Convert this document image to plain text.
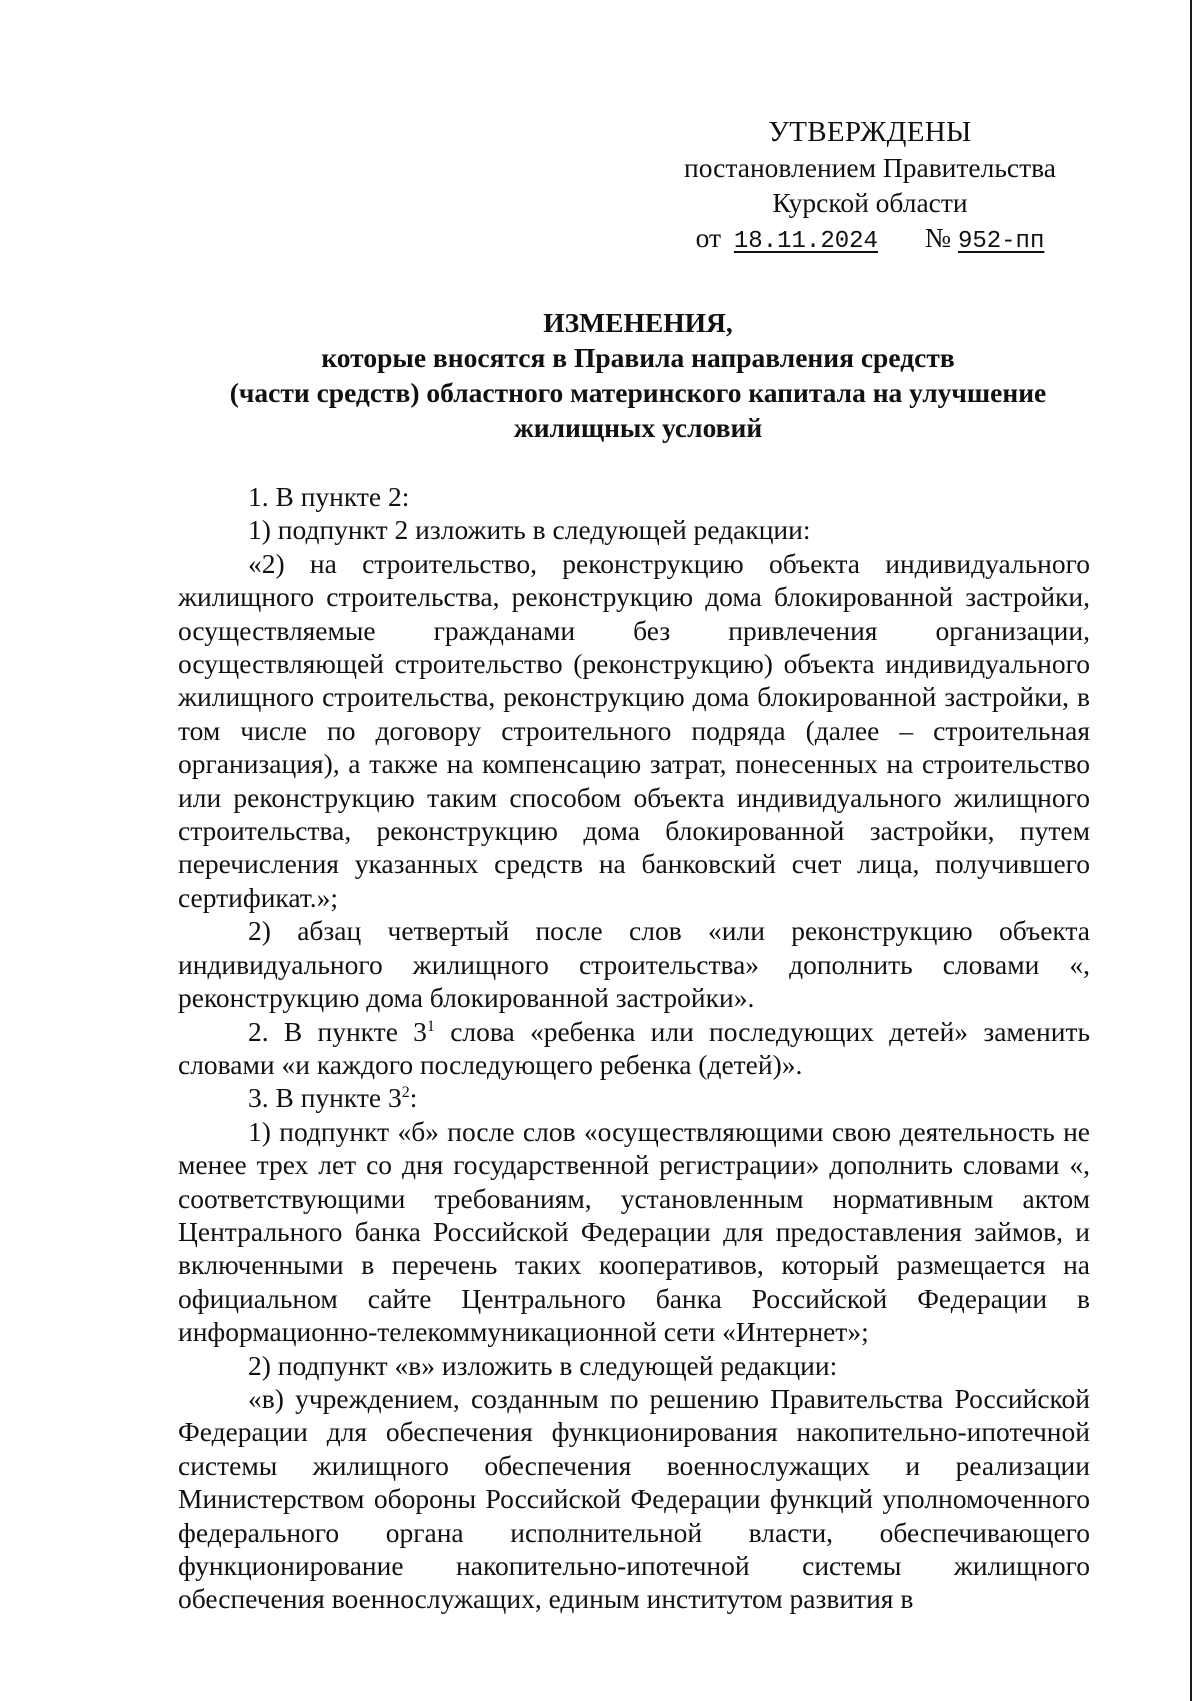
УТВЕРЖДЕНЫ
постановлением Правительства
Курской области
от 18.11.2024 № 952-пп
ИЗМЕНЕНИЯ,
которые вносятся в Правила направления средств
(части средств) областного материнского капитала на улучшение
жилищных условий

1. В пункте 2:

1) подпункт 2 изложить в следующей редакции:

«2) на строительство, реконструкцию объекта индивидуального жилищного строительства, реконструкцию дома блокированной застройки, осуществляемые гражданами без привлечения организации, осуществляющей строительство (реконструкцию) объекта индивидуального жилищного строительства, реконструкцию дома блокированной застройки, в том числе по договору строительного подряда (далее – строительная организация), а также на компенсацию затрат, понесенных на строительство или реконструкцию таким способом объекта индивидуального жилищного строительства, реконструкцию дома блокированной застройки, путем перечисления указанных средств на банковский счет лица, получившего сертификат.»;

2) абзац четвертый после слов «или реконструкцию объекта индивидуального жилищного строительства» дополнить словами «, реконструкцию дома блокированной застройки».

2. В пункте $3^1$ слова «ребенка или последующих детей» заменить словами «и каждого последующего ребенка (детей)».

3. В пункте $3^2$:

1) подпункт «б» после слов «осуществляющими свою деятельность не менее трех лет со дня государственной регистрации» дополнить словами «, соответствующими требованиям, установленным нормативным актом Центрального банка Российской Федерации для предоставления займов, и включенными в перечень таких кооперативов, который размещается на официальном сайте Центрального банка Российской Федерации в информационно-телекоммуникационной сети «Интернет»;

2) подпункт «в» изложить в следующей редакции:

«в) учреждением, созданным по решению Правительства Российской Федерации для обеспечения функционирования накопительно-ипотечной системы жилищного обеспечения военнослужащих и реализации Министерством обороны Российской Федерации функций уполномоченного федерального органа исполнительной власти, обеспечивающего функционирование накопительно-ипотечной системы жилищного обеспечения военнослужащих, единым институтом развития в
